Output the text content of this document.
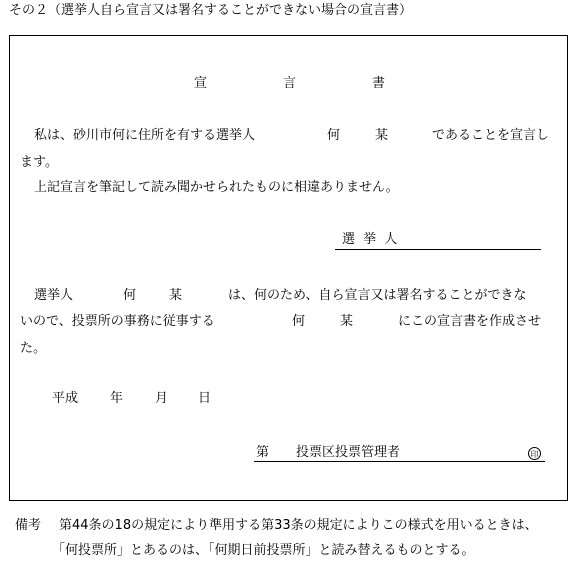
その２（選挙人自ら宣言又は署名することができない場合の宣言書）
宣	言	書
私は、砂川市何に住所を有する選挙人	何	某	であることを宣言し
ます。
上記宣言を筆記して読み聞かせられたものに相違ありません。
選 挙 人
選挙人	何	某	は、何のため、自ら宣言又は署名することができな
いので、投票所の事務に従事する	何	某	にこの宣言書を作成させ
た。
平成 年 月 日
第 投票区投票管理者	印
備考 第44条の18の規定により準用する第33条の規定によりこの様式を用いるときは、
「何投票所」とあるのは、「何期日前投票所」と読み替えるものとする。
